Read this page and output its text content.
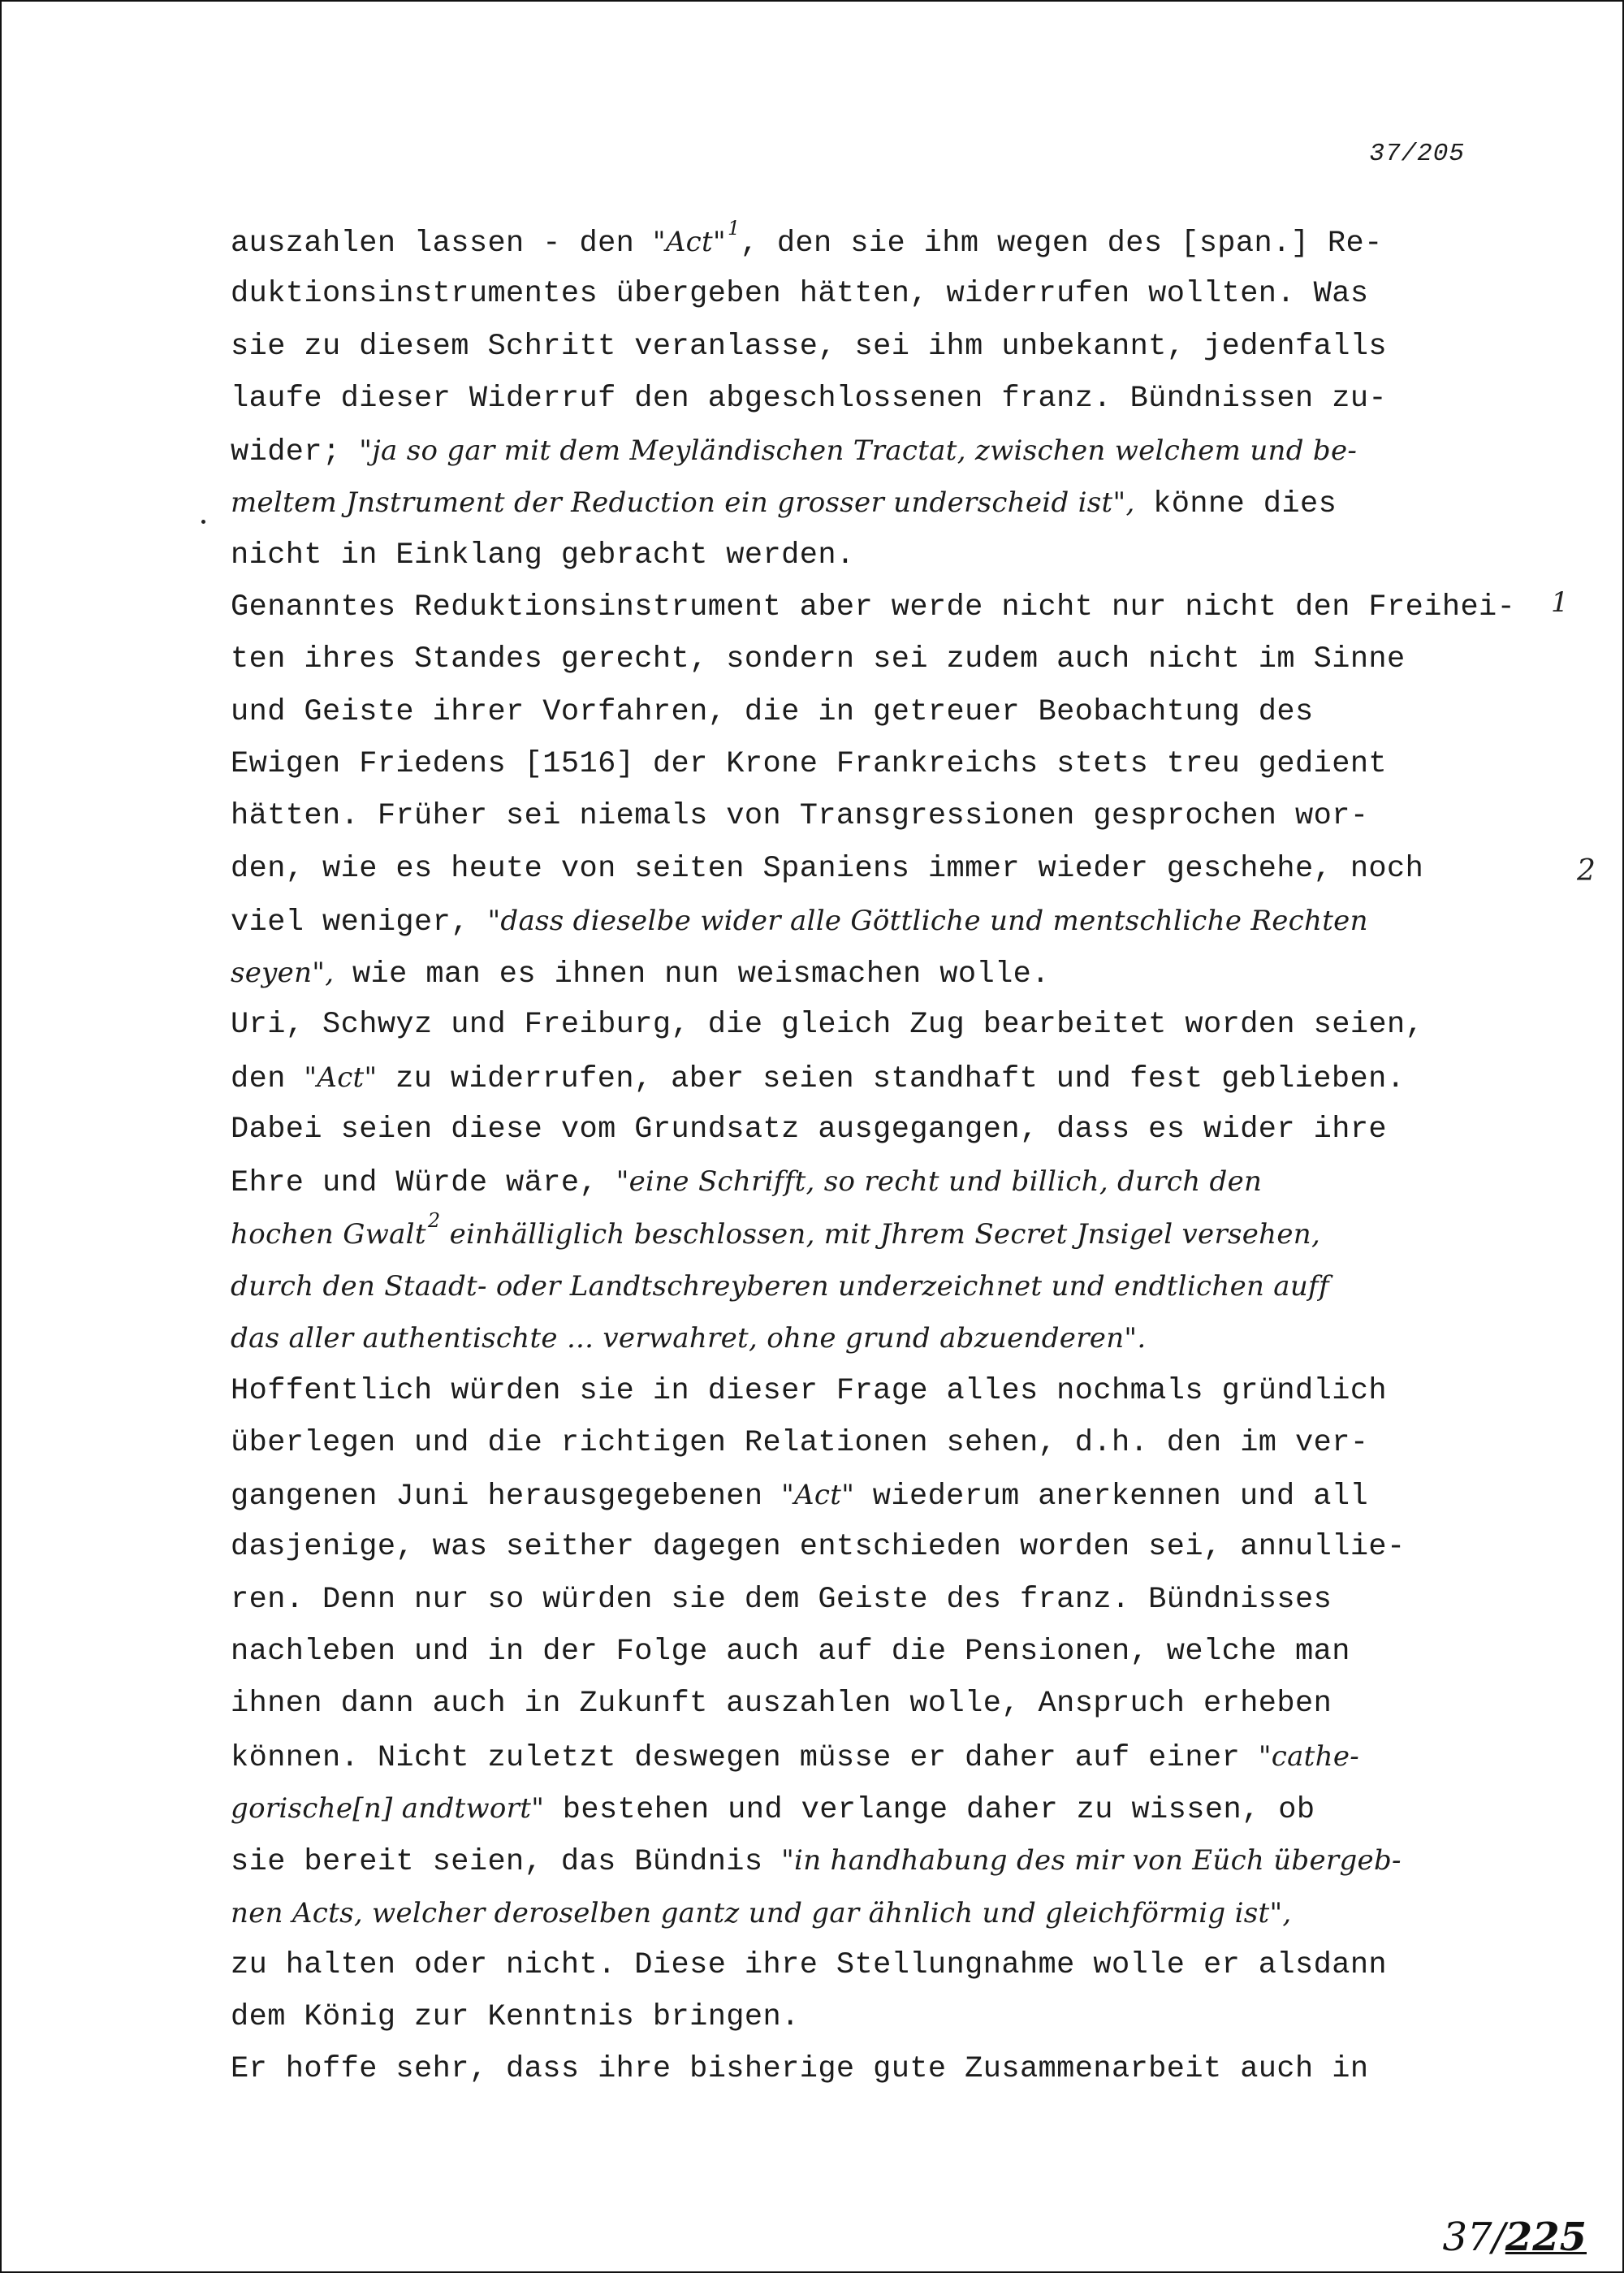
37/205
auszahlen lassen - den "Act"$^1$, den sie ihm wegen des [span.] Re-
duktionsinstrumentes übergeben hätten, widerrufen wollten. Was
sie zu diesem Schritt veranlasse, sei ihm unbekannt, jedenfalls
laufe dieser Widerruf den abgeschlossenen franz. Bündnissen zu-
wider; "ja so gar mit dem Meyländischen Tractat, zwischen welchem und be-
meltem Jnstrument der Reduction ein grosser underscheid ist", könne dies
nicht in Einklang gebracht werden.
Genanntes Reduktionsinstrument aber werde nicht nur nicht den Freihei-
ten ihres Standes gerecht, sondern sei zudem auch nicht im Sinne
und Geiste ihrer Vorfahren, die in getreuer Beobachtung des
Ewigen Friedens [1516] der Krone Frankreichs stets treu gedient
hätten. Früher sei niemals von Transgressionen gesprochen wor-
den, wie es heute von seiten Spaniens immer wieder geschehe, noch
viel weniger, "dass dieselbe wider alle Göttliche und mentschliche Rechten
seyen", wie man es ihnen nun weismachen wolle.
Uri, Schwyz und Freiburg, die gleich Zug bearbeitet worden seien,
den "Act" zu widerrufen, aber seien standhaft und fest geblieben.
Dabei seien diese vom Grundsatz ausgegangen, dass es wider ihre
Ehre und Würde wäre, "eine Schrifft, so recht und billich, durch den
hochen Gwalt$^2$ einhälliglich beschlossen, mit Jhrem Secret Jnsigel versehen,
durch den Staadt- oder Landtschreyberen underzeichnet und endtlichen auff
das aller authentischte ... verwahret, ohne grund abzuenderen".
Hoffentlich würden sie in dieser Frage alles nochmals gründlich
überlegen und die richtigen Relationen sehen, d.h. den im ver-
gangenen Juni herausgegebenen "Act" wiederum anerkennen und all
dasjenige, was seither dagegen entschieden worden sei, annullie-
ren. Denn nur so würden sie dem Geiste des franz. Bündnisses
nachleben und in der Folge auch auf die Pensionen, welche man
ihnen dann auch in Zukunft auszahlen wolle, Anspruch erheben
können. Nicht zuletzt deswegen müsse er daher auf einer "cathe-
gorische[n] andtwort" bestehen und verlange daher zu wissen, ob
sie bereit seien, das Bündnis "in handhabung des mir von Eüch übergeb-
nen Acts, welcher deroselben gantz und gar ähnlich und gleichförmig ist",
zu halten oder nicht. Diese ihre Stellungnahme wolle er alsdann
dem König zur Kenntnis bringen.
Er hoffe sehr, dass ihre bisherige gute Zusammenarbeit auch in
1
2
37/225
